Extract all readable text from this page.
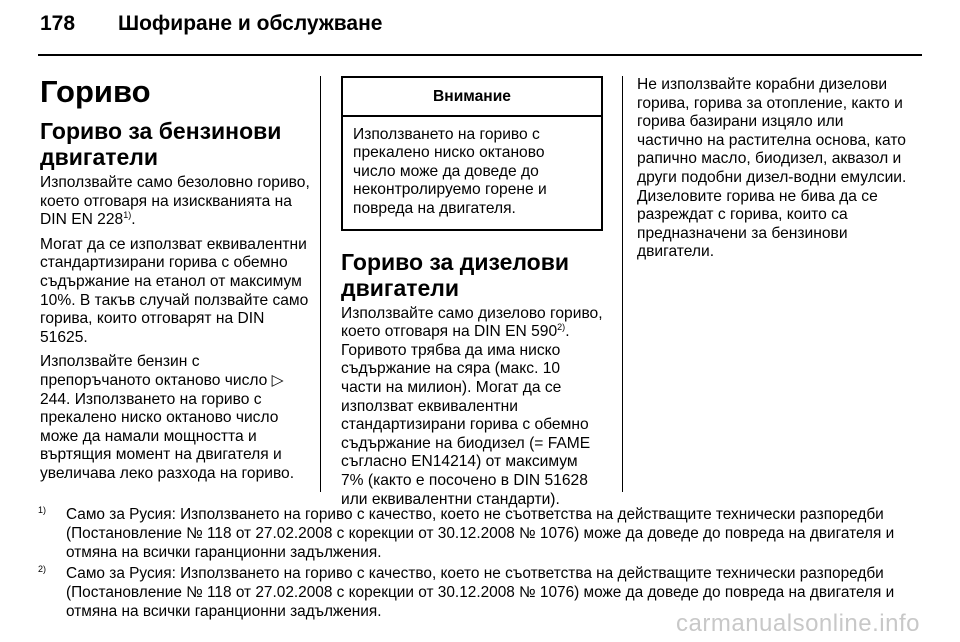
178 Шофиране и обслужване
Гориво
Гориво за бензинови двигатели

Използвайте само безоловно гориво, което отговаря на изискванията на DIN EN 228$^{1)}$.

Могат да се използват еквивалентни стандартизирани горива с обемно съдържание на етанол от максимум 10%. В такъв случай ползвайте само горива, които отговарят на DIN 51625.

Използвайте бензин с препоръчаното октаново число ▷244. Използването на гориво с прекалено ниско октаново число може да намали мощността и въртящия момент на двигателя и увеличава леко разхода на гориво.

Внимание
Използването на гориво с прекалено ниско октаново число може да доведе до неконтролируемо горене и повреда на двигателя.
Гориво за дизелови двигатели

Използвайте само дизелово гориво, което отговаря на DIN EN 590$^{2)}$. Горивото трябва да има ниско съдържание на сяра (макс. 10 части на милион). Могат да се използват еквивалентни стандартизирани горива с обемно съдържание на биодизел (= FAME съгласно EN14214) от максимум 7% (както е посочено в DIN 51628 или еквивалентни стандарти).

Не използвайте корабни дизелови горива, горива за отопление, както и горива базирани изцяло или частично на растителна основа, като рапично масло, биодизел, аквазол и други подобни дизел-водни емулсии. Дизеловите горива не бива да се разреждат с горива, които са предназначени за бензинови двигатели.

1) Само за Русия: Използването на гориво с качество, което не съответства на действащите технически разпоредби (Постановление № 118 от 27.02.2008 с корекции от 30.12.2008 № 1076) може да доведе до повреда на двигателя и отмяна на всички гаранционни задължения.
2) Само за Русия: Използването на гориво с качество, което не съответства на действащите технически разпоредби (Постановление № 118 от 27.02.2008 с корекции от 30.12.2008 № 1076) може да доведе до повреда на двигателя и отмяна на всички гаранционни задължения.	carmanualsonline.info
